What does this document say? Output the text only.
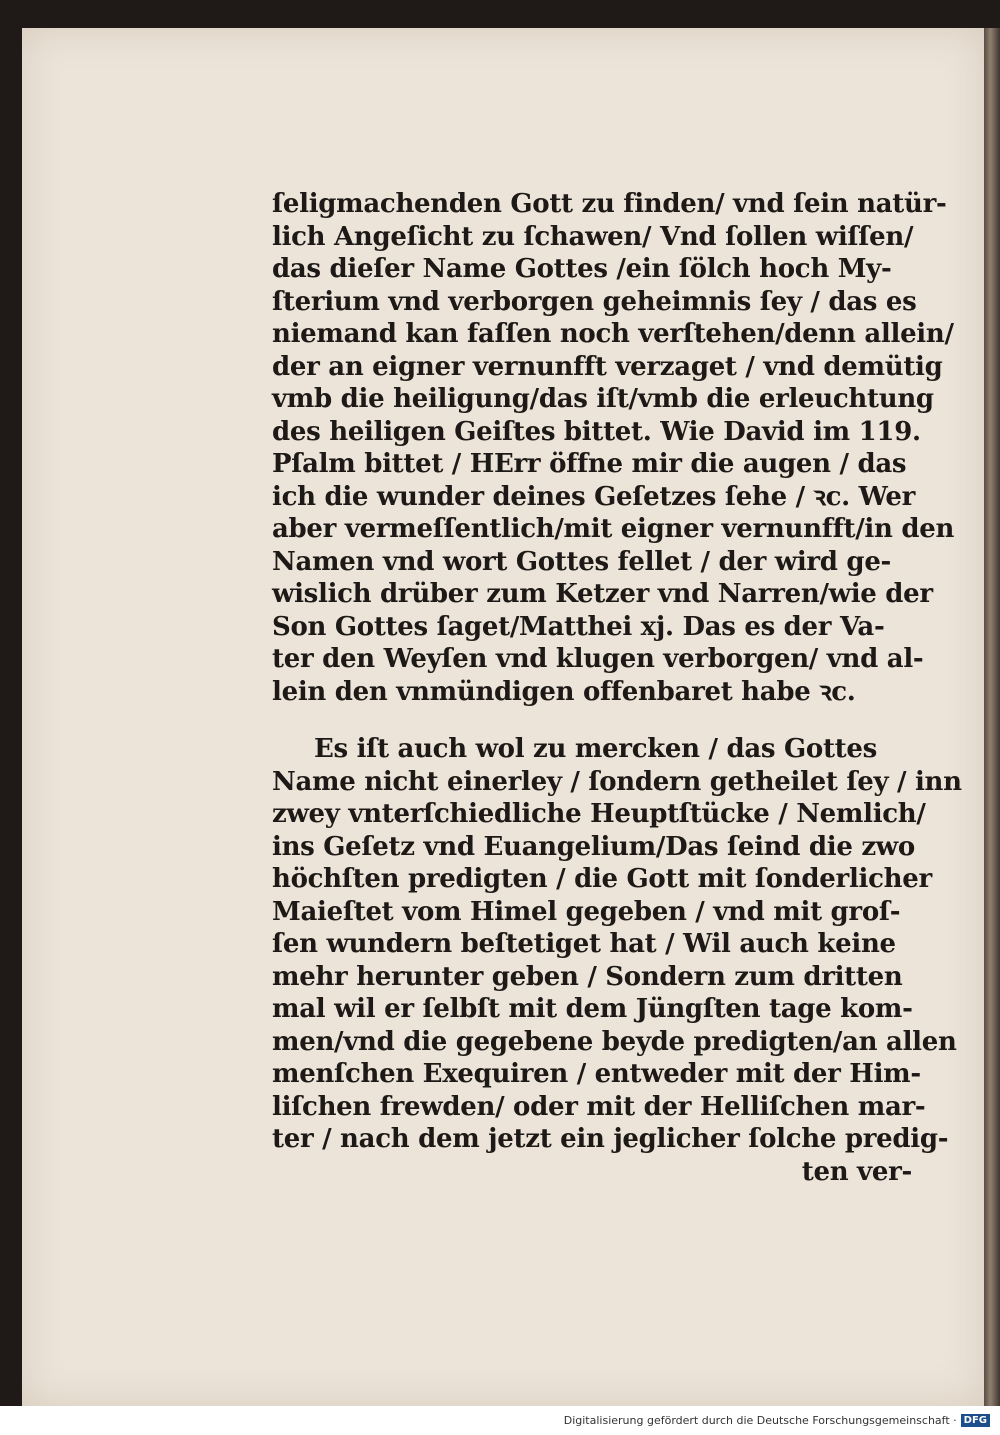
ſeligmachenden Gott zu finden/ vnd ſein natür‑
lich Angeſicht zu ſchawen/ Vnd ſollen wiſſen/
das dieſer Name Gottes /ein ſölch hoch My‑
ſterium vnd verborgen geheimnis ſey / das es
niemand kan faſſen noch verſtehen/denn allein/
der an eigner vernunfft verzaget / vnd demütig
vmb die heiligung/das iſt/vmb die erleuchtung
des heiligen Geiſtes bittet. Wie David im 119.
Pſalm bittet / HErr öffne mir die augen / das
ich die wunder deines Geſetzes ſehe / ꝛc. Wer
aber vermeſſentlich/mit eigner vernunfft/in den
Namen vnd wort Gottes fellet / der wird ge‑
wislich drüber zum Ketzer vnd Narren/wie der
Son Gottes ſaget/Matthei xj. Das es der Va‑
ter den Weyſen vnd klugen verborgen/ vnd al‑
lein den vnmündigen offenbaret habe ꝛc.
Es iſt auch wol zu mercken / das Gottes
Name nicht einerley / ſondern getheilet ſey / inn
zwey vnterſchiedliche Heuptſtücke / Nemlich/
ins Geſetz vnd Euangelium/Das ſeind die zwo
höchſten predigten / die Gott mit ſonderlicher
Maieſtet vom Himel gegeben / vnd mit groſ‑
ſen wundern beſtetiget hat / Wil auch keine
mehr herunter geben / Sondern zum dritten
mal wil er ſelbſt mit dem Jüngſten tage kom‑
men/vnd die gegebene beyde predigten/an allen
menſchen Exequiren / entweder mit der Him‑
liſchen frewden/ oder mit der Helliſchen mar‑
ter / nach dem jetzt ein jeglicher ſolche predig‑
ten ver‑
Digitalisierung gefördert durch die Deutsche Forschungsgemeinschaft · DFG
